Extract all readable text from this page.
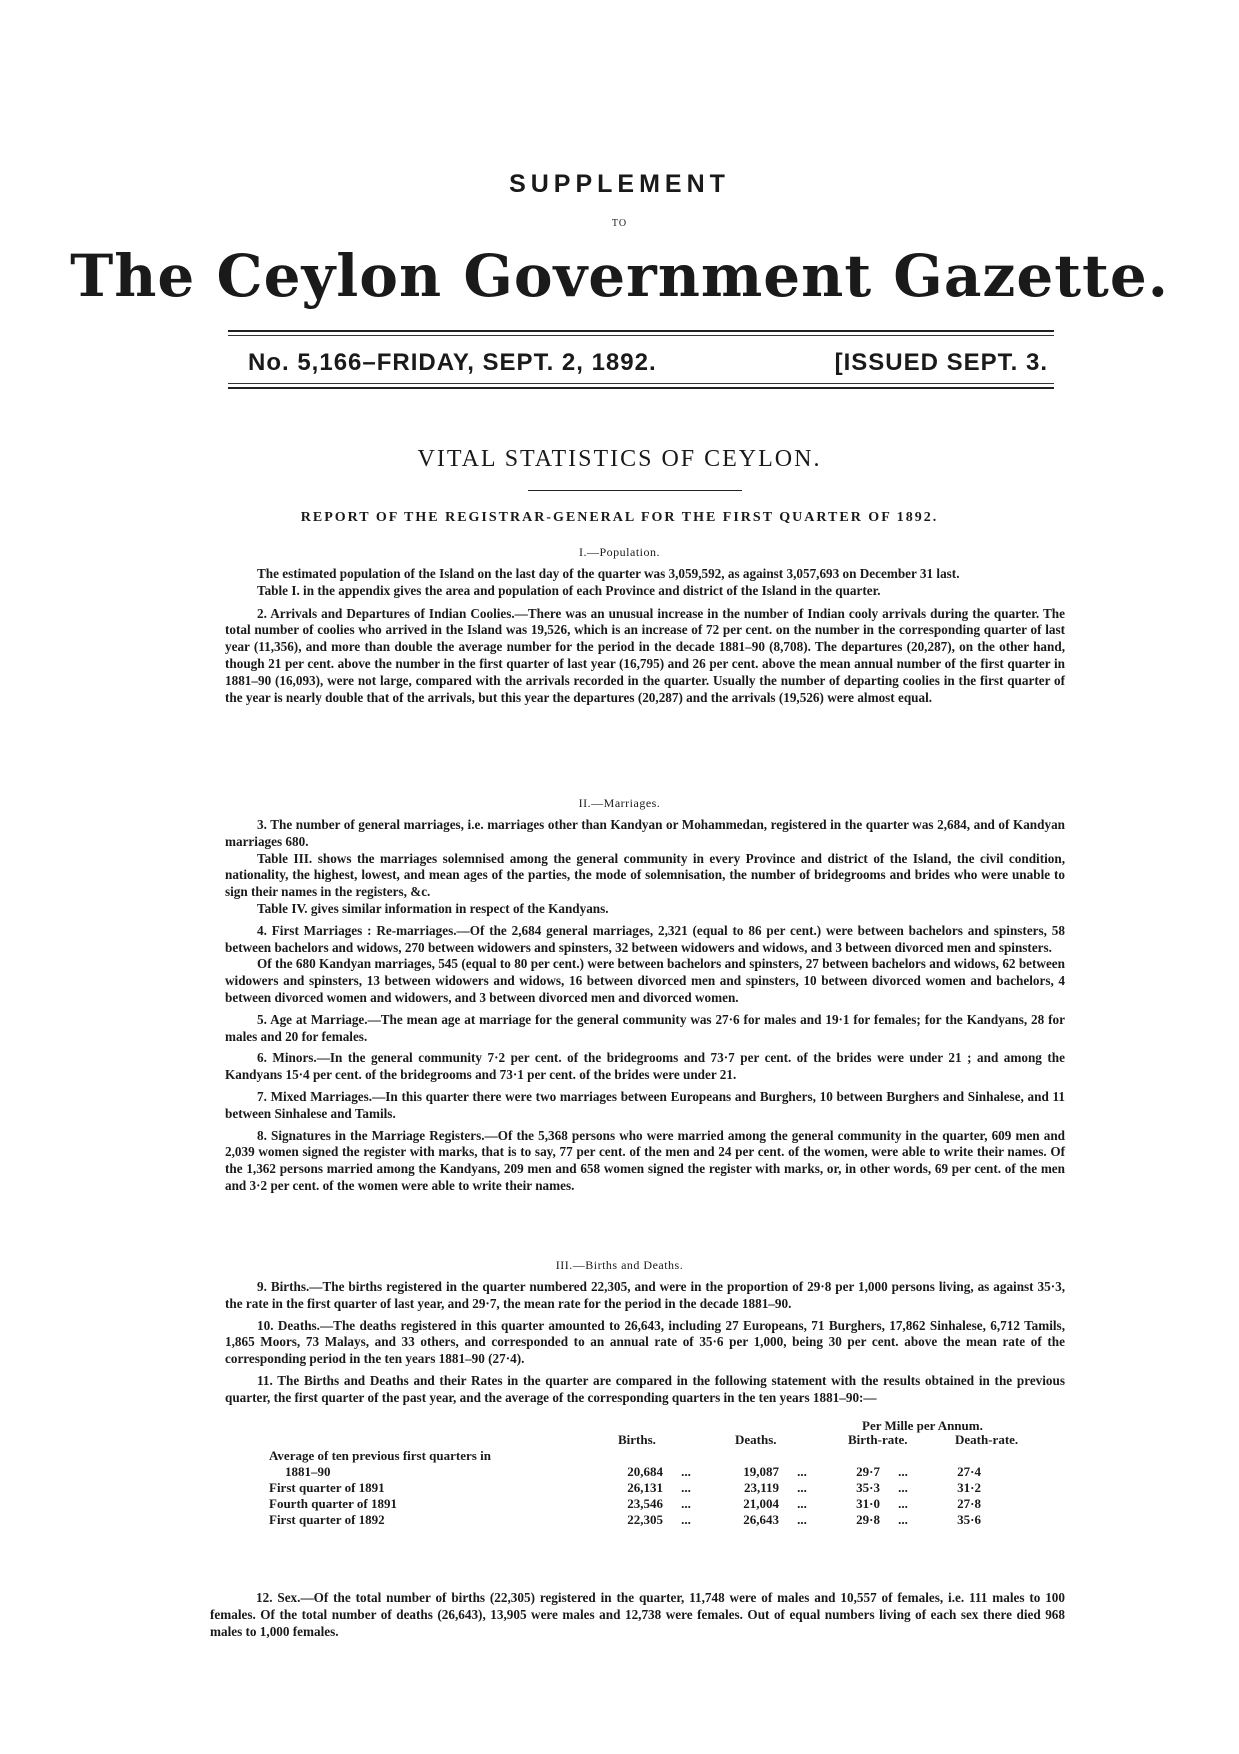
SUPPLEMENT
TO
The Ceylon Government Gazette.
No. 5,166–FRIDAY, SEPT. 2, 1892.	[ISSUED SEPT. 3.
VITAL STATISTICS OF CEYLON.
REPORT OF THE REGISTRAR-GENERAL FOR THE FIRST QUARTER OF 1892.
I.—Population.

The estimated population of the Island on the last day of the quarter was 3,059,592, as against 3,057,693 on December 31 last.

Table I. in the appendix gives the area and population of each Province and district of the Island in the quarter.

2. Arrivals and Departures of Indian Coolies.—There was an unusual increase in the number of Indian cooly arrivals during the quarter. The total number of coolies who arrived in the Island was 19,526, which is an increase of 72 per cent. on the number in the corresponding quarter of last year (11,356), and more than double the average number for the period in the decade 1881–90 (8,708). The departures (20,287), on the other hand, though 21 per cent. above the number in the first quarter of last year (16,795) and 26 per cent. above the mean annual number of the first quarter in 1881–90 (16,093), were not large, compared with the arrivals recorded in the quarter. Usually the number of departing coolies in the first quarter of the year is nearly double that of the arrivals, but this year the departures (20,287) and the arrivals (19,526) were almost equal.

II.—Marriages.

3. The number of general marriages, i.e. marriages other than Kandyan or Mohammedan, registered in the quarter was 2,684, and of Kandyan marriages 680.

Table III. shows the marriages solemnised among the general community in every Province and district of the Island, the civil condition, nationality, the highest, lowest, and mean ages of the parties, the mode of solemnisation, the number of bridegrooms and brides who were unable to sign their names in the registers, &c.

Table IV. gives similar information in respect of the Kandyans.

4. First Marriages : Re-marriages.—Of the 2,684 general marriages, 2,321 (equal to 86 per cent.) were between bachelors and spinsters, 58 between bachelors and widows, 270 between widowers and spinsters, 32 between widowers and widows, and 3 between divorced men and spinsters.

Of the 680 Kandyan marriages, 545 (equal to 80 per cent.) were between bachelors and spinsters, 27 between bachelors and widows, 62 between widowers and spinsters, 13 between widowers and widows, 16 between divorced men and spinsters, 10 between divorced women and bachelors, 4 between divorced women and widowers, and 3 between divorced men and divorced women.

5. Age at Marriage.—The mean age at marriage for the general community was 27·6 for males and 19·1 for females; for the Kandyans, 28 for males and 20 for females.

6. Minors.—In the general community 7·2 per cent. of the bridegrooms and 73·7 per cent. of the brides were under 21 ; and among the Kandyans 15·4 per cent. of the bridegrooms and 73·1 per cent. of the brides were under 21.

7. Mixed Marriages.—In this quarter there were two marriages between Europeans and Burghers, 10 between Burghers and Sinhalese, and 11 between Sinhalese and Tamils.

8. Signatures in the Marriage Registers.—Of the 5,368 persons who were married among the general community in the quarter, 609 men and 2,039 women signed the register with marks, that is to say, 77 per cent. of the men and 24 per cent. of the women, were able to write their names. Of the 1,362 persons married among the Kandyans, 209 men and 658 women signed the register with marks, or, in other words, 69 per cent. of the men and 3·2 per cent. of the women were able to write their names.

III.—Births and Deaths.

9. Births.—The births registered in the quarter numbered 22,305, and were in the proportion of 29·8 per 1,000 persons living, as against 35·3, the rate in the first quarter of last year, and 29·7, the mean rate for the period in the decade 1881–90.

10. Deaths.—The deaths registered in this quarter amounted to 26,643, including 27 Europeans, 71 Burghers, 17,862 Sinhalese, 6,712 Tamils, 1,865 Moors, 73 Malays, and 33 others, and corresponded to an annual rate of 35·6 per 1,000, being 30 per cent. above the mean rate of the corresponding period in the ten years 1881–90 (27·4).

11. The Births and Deaths and their Rates in the quarter are compared in the following statement with the results obtained in the previous quarter, the first quarter of the past year, and the average of the corresponding quarters in the ten years 1881–90:—

Per Mille per Annum.
Births.	Deaths.	Birth-rate.	Death-rate.
Average of ten previous first quarters in							
1881–90	20,684	...	19,087	...	29·7	...	27·4
First quarter of 1891	26,131	...	23,119	...	35·3	...	31·2
Fourth quarter of 1891	23,546	...	21,004	...	31·0	...	27·8
First quarter of 1892	22,305	...	26,643	...	29·8	...	35·6

12. Sex.—Of the total number of births (22,305) registered in the quarter, 11,748 were of males and 10,557 of females, i.e. 111 males to 100 females. Of the total number of deaths (26,643), 13,905 were males and 12,738 were females. Out of equal numbers living of each sex there died 968 males to 1,000 females.
